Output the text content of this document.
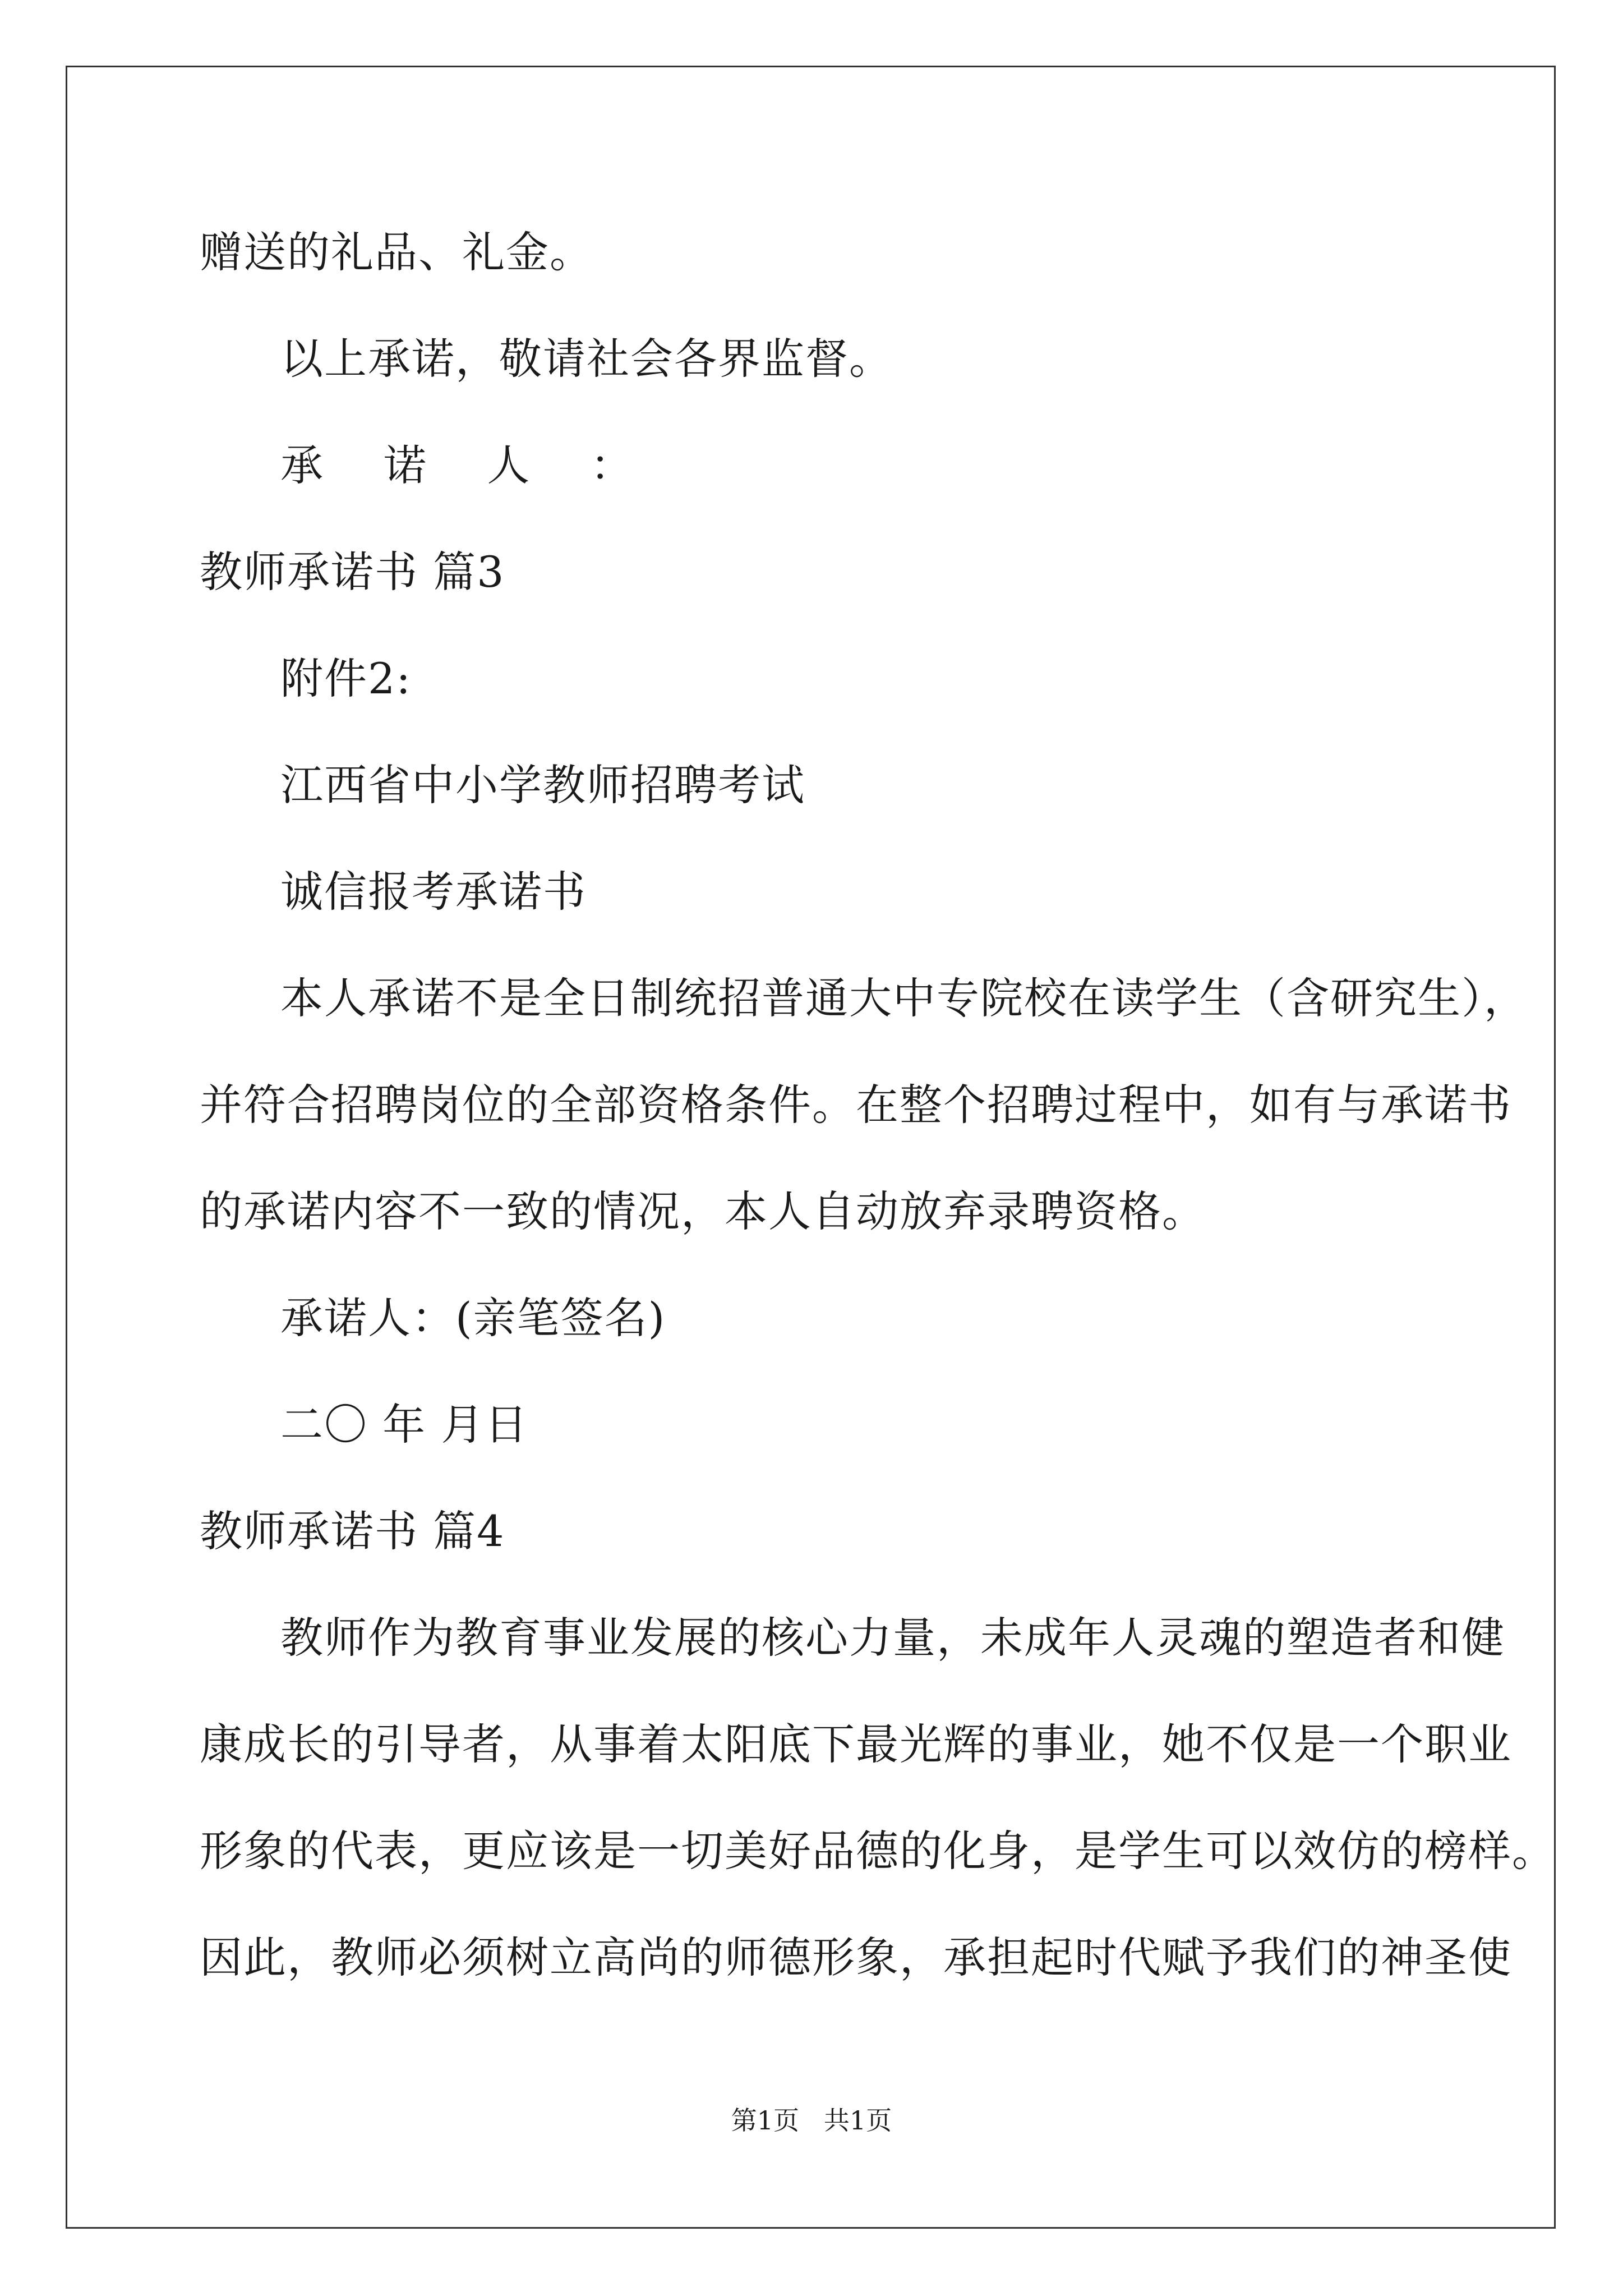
赠送的礼品、礼金。
以上承诺，敬请社会各界监督。
承 诺 人 ：
教师承诺书 篇3
附件2:
江西省中小学教师招聘考试
诚信报考承诺书
本人承诺不是全日制统招普通大中专院校在读学生（含研究生），
并符合招聘岗位的全部资格条件。在整个招聘过程中，如有与承诺书
的承诺内容不一致的情况，本人自动放弃录聘资格。
承诺人：(亲笔签名)
二〇 年 月日
教师承诺书 篇4
教师作为教育事业发展的核心力量，未成年人灵魂的塑造者和健
康成长的引导者，从事着太阳底下最光辉的事业，她不仅是一个职业
形象的代表，更应该是一切美好品德的化身，是学生可以效仿的榜样。
因此，教师必须树立高尚的师德形象，承担起时代赋予我们的神圣使
第1页   共1页
